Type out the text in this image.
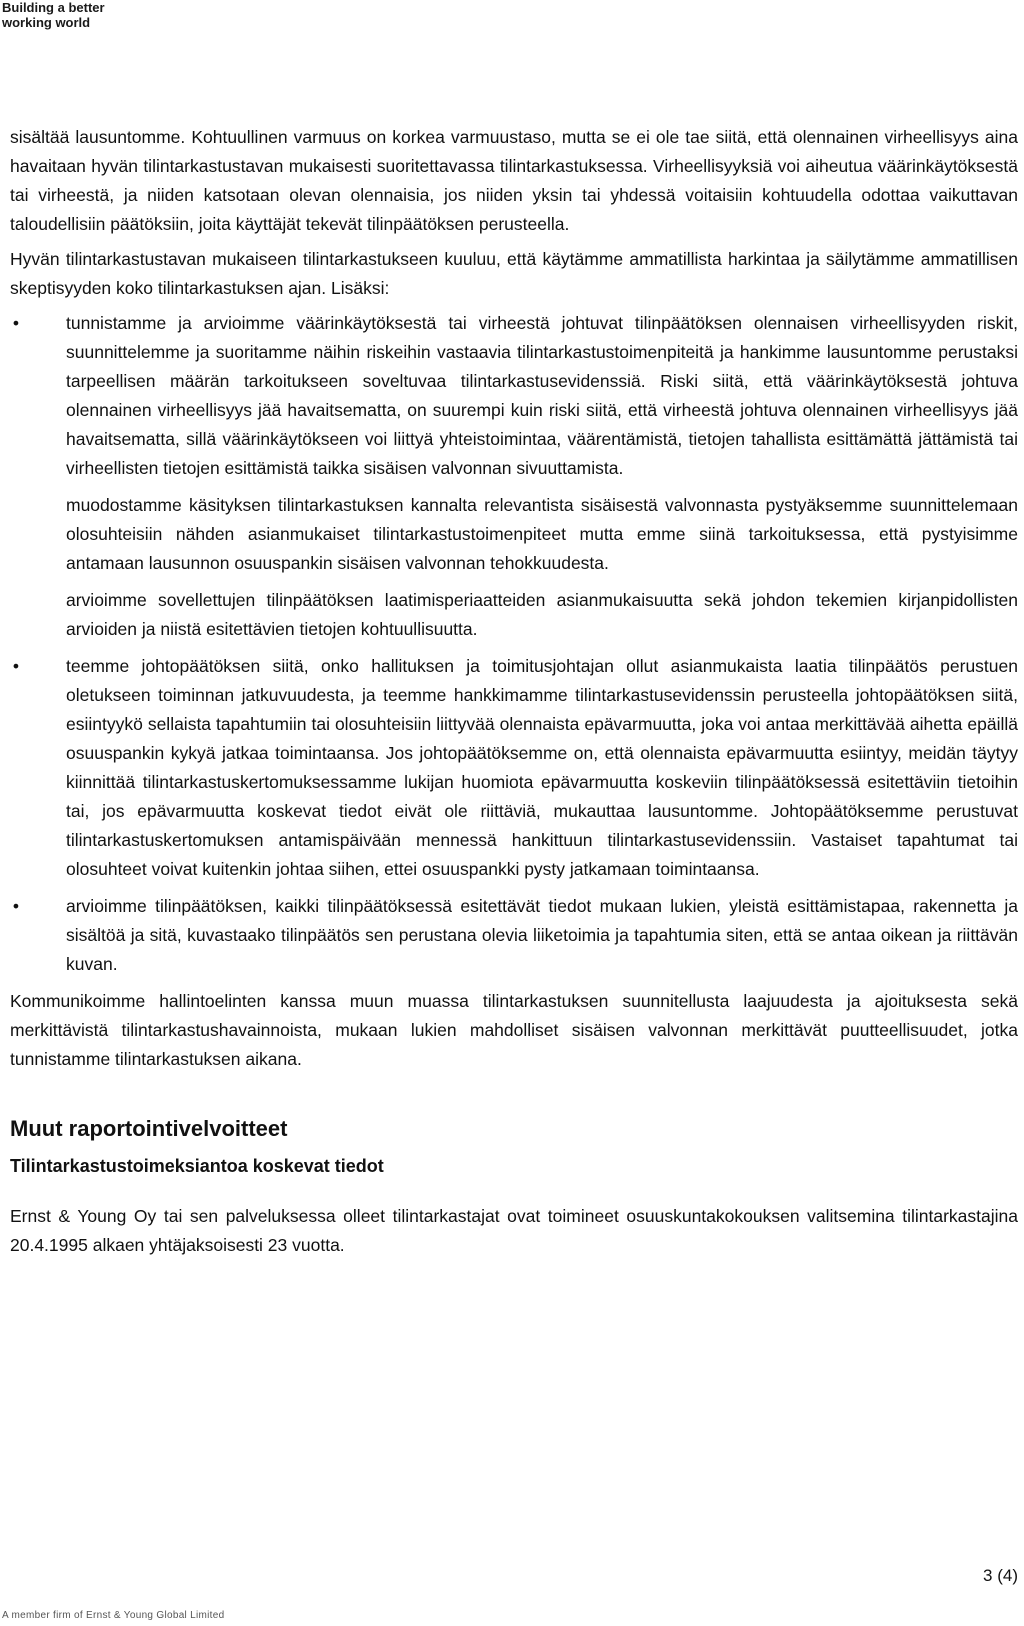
Building a better
working world

sisältää lausuntomme. Kohtuullinen varmuus on korkea varmuustaso, mutta se ei ole tae siitä, että olennainen virheellisyys aina havaitaan hyvän tilintarkastustavan mukaisesti suoritettavassa tilintarkastuksessa. Virheellisyyksiä voi aiheutua väärinkäytöksestä tai virheestä, ja niiden katsotaan olevan olennaisia, jos niiden yksin tai yhdessä voitaisiin kohtuudella odottaa vaikuttavan taloudellisiin päätöksiin, joita käyttäjät tekevät tilinpäätöksen perusteella.

Hyvän tilintarkastustavan mukaiseen tilintarkastukseen kuuluu, että käytämme ammatillista harkintaa ja säilytämme ammatillisen skeptisyyden koko tilintarkastuksen ajan. Lisäksi:

•	tunnistamme ja arvioimme väärinkäytöksestä tai virheestä johtuvat tilinpäätöksen olennaisen virheellisyyden riskit, suunnittelemme ja suoritamme näihin riskeihin vastaavia tilintarkastustoimenpiteitä ja hankimme lausuntomme perustaksi tarpeellisen määrän tarkoitukseen soveltuvaa tilintarkastusevidenssiä. Riski siitä, että väärinkäytöksestä johtuva olennainen virheellisyys jää havaitsematta, on suurempi kuin riski siitä, että virheestä johtuva olennainen virheellisyys jää havaitsematta, sillä väärinkäytökseen voi liittyä yhteistoimintaa, väärentämistä, tietojen tahallista esittämättä jättämistä tai virheellisten tietojen esittämistä taikka sisäisen valvonnan sivuuttamista.
muodostamme käsityksen tilintarkastuksen kannalta relevantista sisäisestä valvonnasta pystyäksemme suunnittelemaan olosuhteisiin nähden asianmukaiset tilintarkastustoimenpiteet mutta emme siinä tarkoituksessa, että pystyisimme antamaan lausunnon osuuspankin sisäisen valvonnan tehokkuudesta.
arvioimme sovellettujen tilinpäätöksen laatimisperiaatteiden asianmukaisuutta sekä johdon tekemien kirjanpidollisten arvioiden ja niistä esitettävien tietojen kohtuullisuutta.
•	teemme johtopäätöksen siitä, onko hallituksen ja toimitusjohtajan ollut asianmukaista laatia tilinpäätös perustuen oletukseen toiminnan jatkuvuudesta, ja teemme hankkimamme tilintarkastusevidenssin perusteella johtopäätöksen siitä, esiintyykö sellaista tapahtumiin tai olosuhteisiin liittyvää olennaista epävarmuutta, joka voi antaa merkittävää aihetta epäillä osuuspankin kykyä jatkaa toimintaansa. Jos johtopäätöksemme on, että olennaista epävarmuutta esiintyy, meidän täytyy kiinnittää tilintarkastuskertomuksessamme lukijan huomiota epävarmuutta koskeviin tilinpäätöksessä esitettäviin tietoihin tai, jos epävarmuutta koskevat tiedot eivät ole riittäviä, mukauttaa lausuntomme. Johtopäätöksemme perustuvat tilintarkastuskertomuksen antamispäivään mennessä hankittuun tilintarkastusevidenssiin. Vastaiset tapahtumat tai olosuhteet voivat kuitenkin johtaa siihen, ettei osuuspankki pysty jatkamaan toimintaansa.
•	arvioimme tilinpäätöksen, kaikki tilinpäätöksessä esitettävät tiedot mukaan lukien, yleistä esittämistapaa, rakennetta ja sisältöä ja sitä, kuvastaako tilinpäätös sen perustana olevia liiketoimia ja tapahtumia siten, että se antaa oikean ja riittävän kuvan.

Kommunikoimme hallintoelinten kanssa muun muassa tilintarkastuksen suunnitellusta laajuudesta ja ajoituksesta sekä merkittävistä tilintarkastushavainnoista, mukaan lukien mahdolliset sisäisen valvonnan merkittävät puutteellisuudet, jotka tunnistamme tilintarkastuksen aikana.

Muut raportointivelvoitteet
Tilintarkastustoimeksiantoa koskevat tiedot

Ernst & Young Oy tai sen palveluksessa olleet tilintarkastajat ovat toimineet osuuskuntakokouksen valitsemina tilintarkastajina 20.4.1995 alkaen yhtäjaksoisesti 23 vuotta.

3 (4)
A member firm of Ernst & Young Global Limited
